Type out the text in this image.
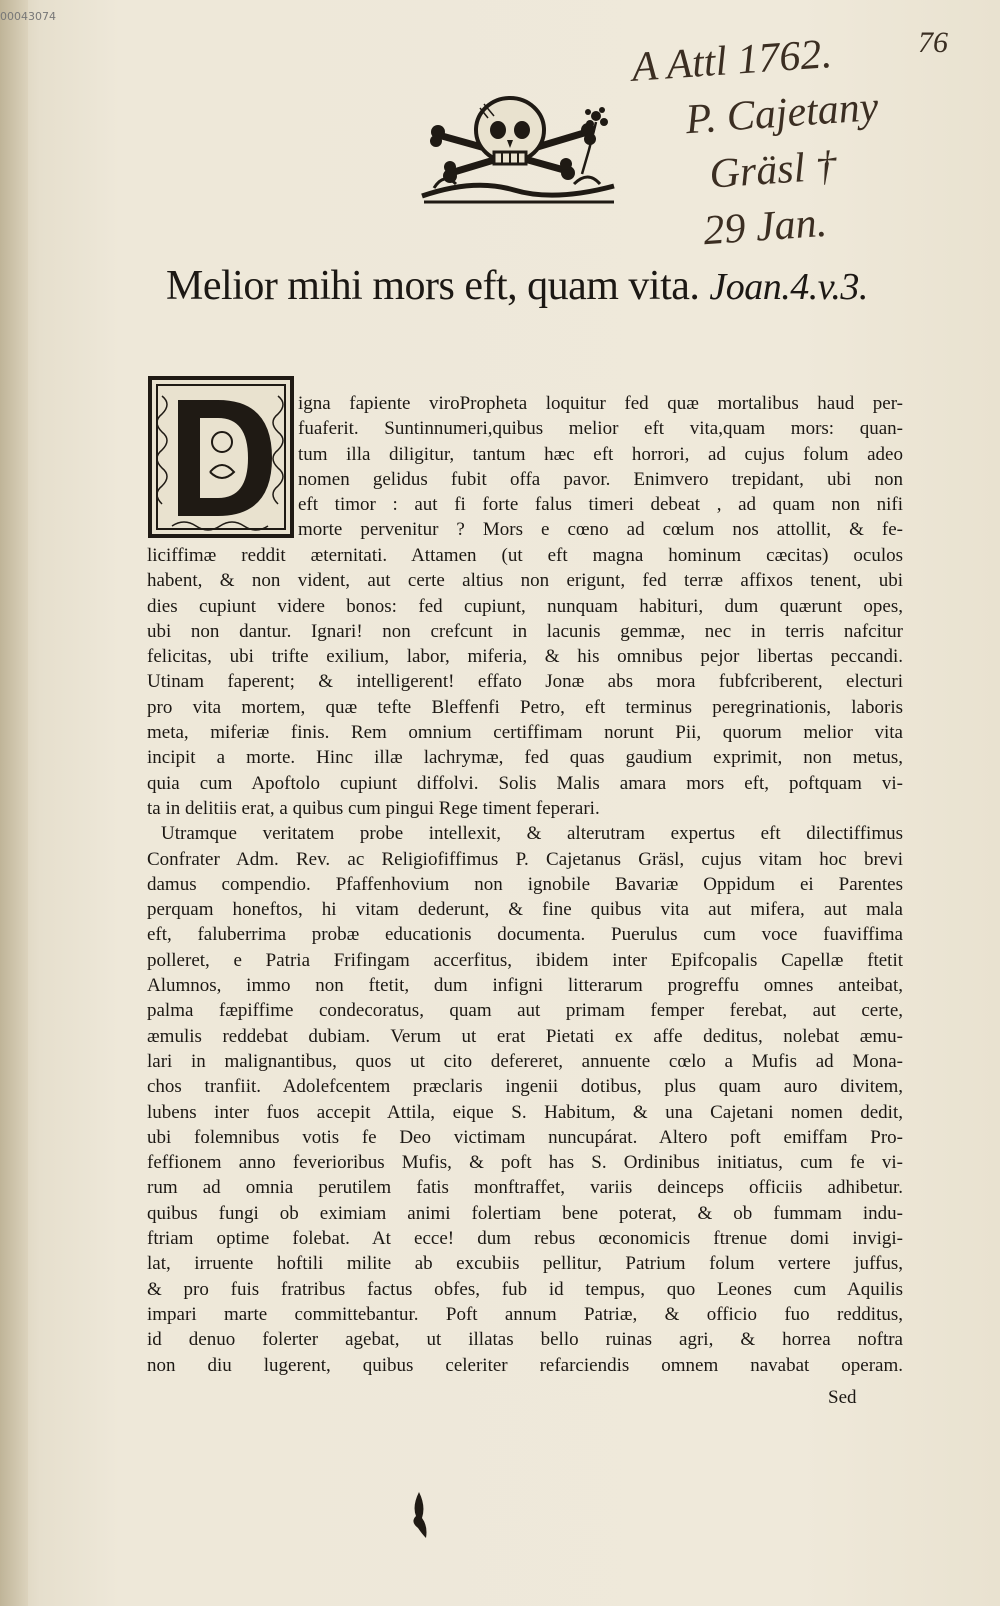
00043074
76
A Attl 1762.
P. Cajetany
Gräsl †
29 Jan.
Melior mihi mors eft, quam vita. Joan.4.v.3.
igna fapiente viroPropheta loquitur fed quæ mortalibus haud per-
fuaferit. Suntinnumeri,quibus melior eft vita,quam mors: quan-
tum illa diligitur, tantum hæc eft horrori, ad cujus folum adeo
nomen gelidus fubit offa pavor. Enimvero trepidant, ubi non
eft timor : aut fi forte falus timeri debeat , ad quam non nifi
morte pervenitur ? Mors e cœno ad cœlum nos attollit, & fe-
liciffimæ reddit æternitati. Attamen (ut eft magna hominum cæcitas) oculos
habent, & non vident, aut certe altius non erigunt, fed terræ affixos tenent, ubi
dies cupiunt videre bonos: fed cupiunt, nunquam habituri, dum quærunt opes,
ubi non dantur. Ignari! non crefcunt in lacunis gemmæ, nec in terris nafcitur
felicitas, ubi trifte exilium, labor, miferia, & his omnibus pejor libertas peccandi.
Utinam faperent; & intelligerent! effato Jonæ abs mora fubfcriberent, electuri
pro vita mortem, quæ tefte Bleffenfi Petro, eft terminus peregrinationis, laboris
meta, miferiæ finis. Rem omnium certiffimam norunt Pii, quorum melior vita
incipit a morte. Hinc illæ lachrymæ, fed quas gaudium exprimit, non metus,
quia cum Apoftolo cupiunt diffolvi. Solis Malis amara mors eft, poftquam vi-
ta in delitiis erat, a quibus cum pingui Rege timent feperari.
Utramque veritatem probe intellexit, & alterutram expertus eft dilectiffimus
Confrater Adm. Rev. ac Religiofiffimus P. Cajetanus Gräsl, cujus vitam hoc brevi
damus compendio. Pfaffenhovium non ignobile Bavariæ Oppidum ei Parentes
perquam honeftos, hi vitam dederunt, & fine quibus vita aut mifera, aut mala
eft, faluberrima probæ educationis documenta. Puerulus cum voce fuaviffima
polleret, e Patria Frifingam accerfitus, ibidem inter Epifcopalis Capellæ ftetit
Alumnos, immo non ftetit, dum infigni litterarum progreffu omnes anteibat,
palma fæpiffime condecoratus, quam aut primam femper ferebat, aut certe,
æmulis reddebat dubiam. Verum ut erat Pietati ex affe deditus, nolebat æmu-
lari in malignantibus, quos ut cito defereret, annuente cœlo a Mufis ad Mona-
chos tranfiit. Adolefcentem præclaris ingenii dotibus, plus quam auro divitem,
lubens inter fuos accepit Attila, eique S. Habitum, & una Cajetani nomen dedit,
ubi folemnibus votis fe Deo victimam nuncupárat. Altero poft emiffam Pro-
feffionem anno feverioribus Mufis, & poft has S. Ordinibus initiatus, cum fe vi-
rum ad omnia perutilem fatis monftraffet, variis deinceps officiis adhibetur.
quibus fungi ob eximiam animi folertiam bene poterat, & ob fummam indu-
ftriam optime folebat. At ecce! dum rebus œconomicis ftrenue domi invigi-
lat, irruente hoftili milite ab excubiis pellitur, Patrium folum vertere juffus,
& pro fuis fratribus factus obfes, fub id tempus, quo Leones cum Aquilis
impari marte committebantur. Poft annum Patriæ, & officio fuo redditus,
id denuo folerter agebat, ut illatas bello ruinas agri, & horrea noftra
non diu lugerent, quibus celeriter refarciendis omnem navabat operam.
Sed
